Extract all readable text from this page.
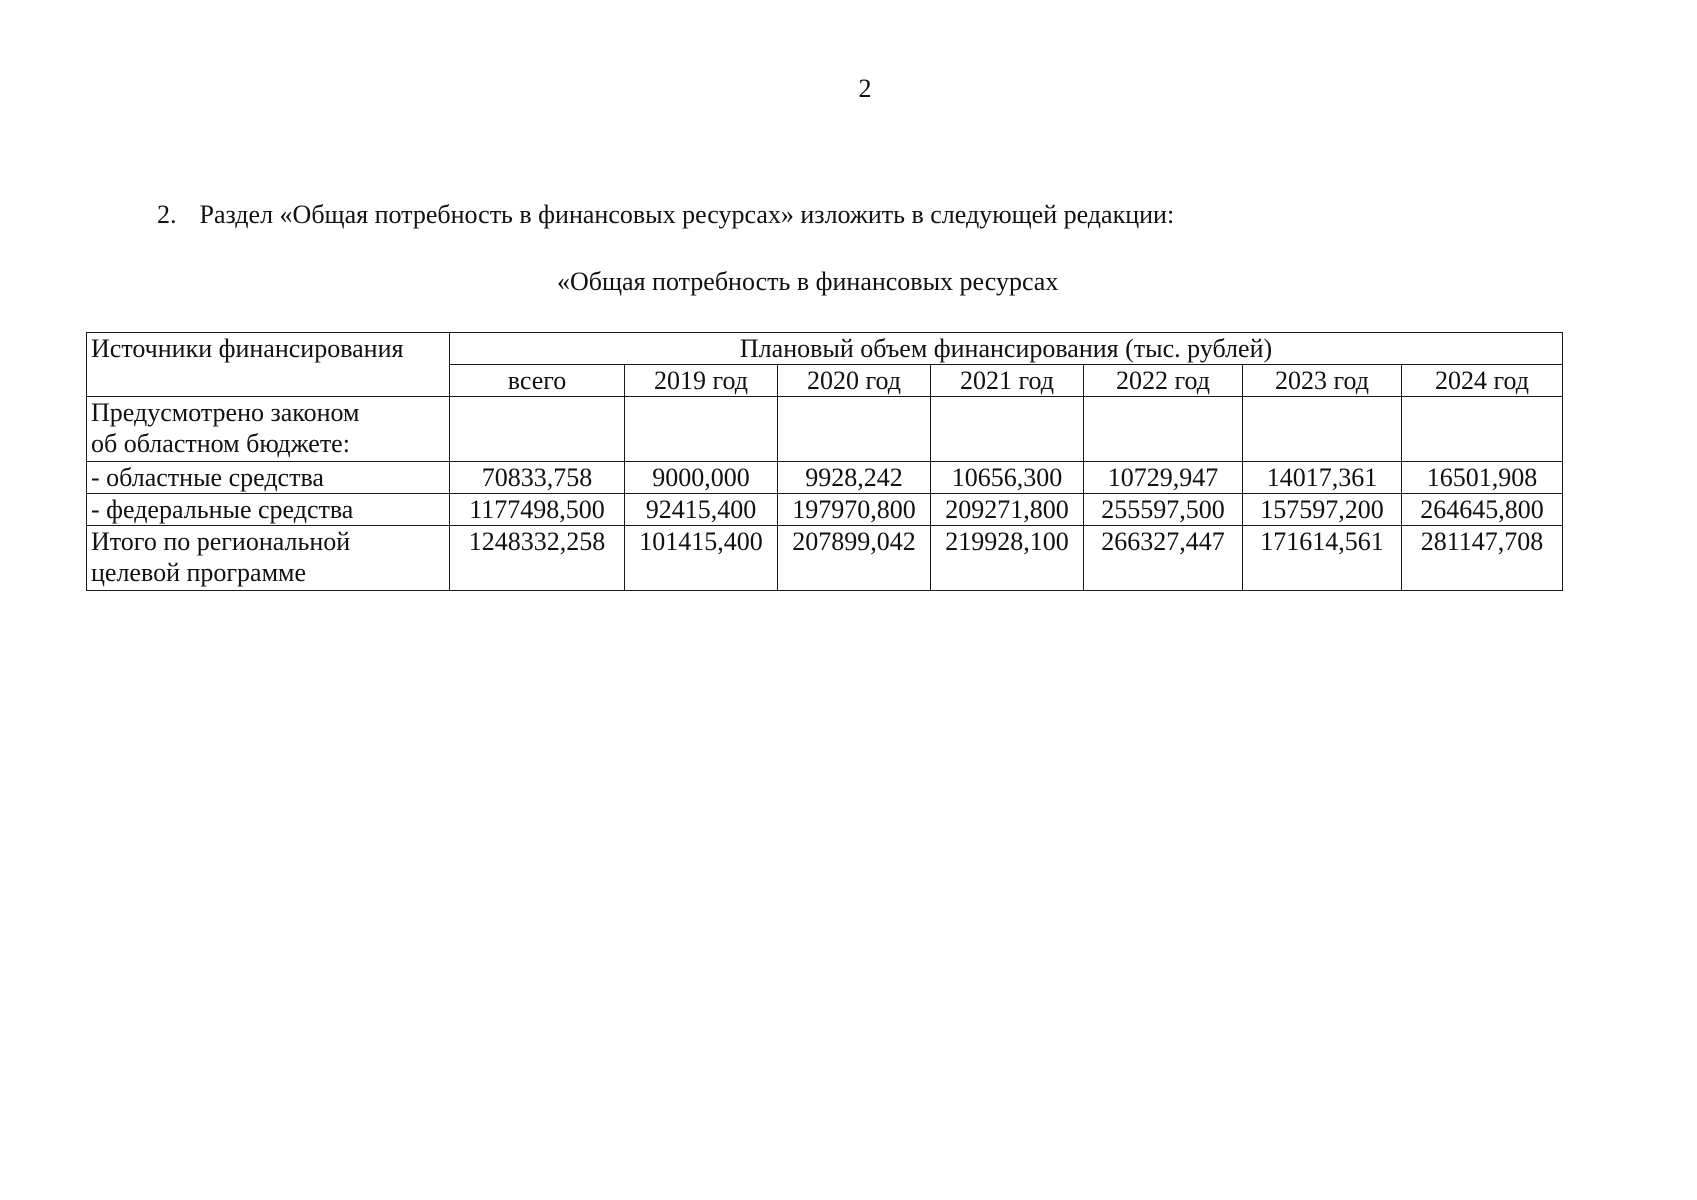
2
2. Раздел «Общая потребность в финансовых ресурсах» изложить в следующей редакции:
«Общая потребность в финансовых ресурсах
Источники финансирования	Плановый объем финансирования (тыс. рублей)						
	всего	2019 год	2020 год	2021 год	2022 год	2023 год	2024 год
Предусмотрено законом
об областном бюджете:							
- областные средства	70833,758	9000,000	9928,242	10656,300	10729,947	14017,361	16501,908
- федеральные средства	1177498,500	92415,400	197970,800	209271,800	255597,500	157597,200	264645,800
Итого по региональной
целевой программе	1248332,258	101415,400	207899,042	219928,100	266327,447	171614,561	281147,708
